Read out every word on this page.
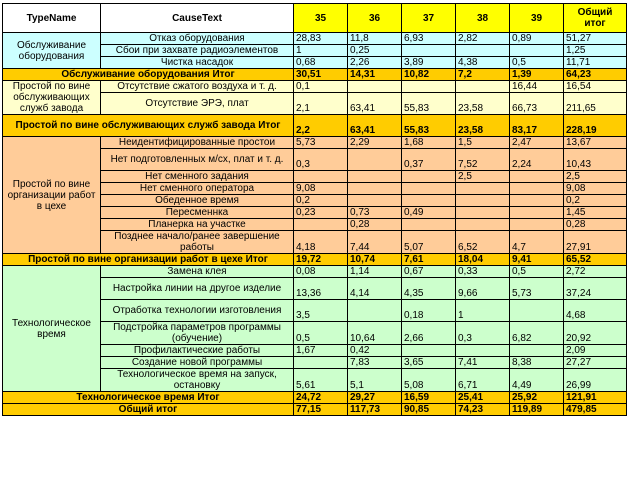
TypeName	CauseText	35	36	37	38	39	Общий итог
Обслуживание оборудования	Отказ оборудования	28,83	11,8	6,93	2,82	0,89	51,27
	Сбои при захвате радиоэлементов	1	0,25				1,25
	Чистка насадок	0,68	2,26	3,89	4,38	0,5	11,71
Обслуживание оборудования Итог		30,51	14,31	10,82	7,2	1,39	64,23
Простой по вине обслуживающих служб завода	Отсутствие сжатого воздуха и т. д.	0,1				16,44	16,54
	Отсутствие ЭРЭ, плат	2,1	63,41	55,83	23,58	66,73	211,65
Простой по вине обслуживающих служб завода Итог		2,2	63,41	55,83	23,58	83,17	228,19
Простой по вине организации работ в цехе	Неидентифицированные простои	5,73	2,29	1,68	1,5	2,47	13,67
	Нет подготовленных м/сх, плат и т. д.	0,3		0,37	7,52	2,24	10,43
	Нет сменного задания				2,5		2,5
	Нет сменного оператора	9,08					9,08
	Обеденное время	0,2					0,2
	Пересменнка	0,23	0,73	0,49			1,45
	Планерка на участке		0,28				0,28
	Позднее начало/ранее завершение работы	4,18	7,44	5,07	6,52	4,7	27,91
Простой по вине организации работ в цехе Итог		19,72	10,74	7,61	18,04	9,41	65,52
Технологическое время	Замена клея	0,08	1,14	0,67	0,33	0,5	2,72
	Настройка линии на другое изделие	13,36	4,14	4,35	9,66	5,73	37,24
	Отработка технологии изготовления	3,5		0,18	1		4,68
	Подстройка параметров программы (обучение)	0,5	10,64	2,66	0,3	6,82	20,92
	Профилактические работы	1,67	0,42				2,09
	Создание новой программы		7,83	3,65	7,41	8,38	27,27
	Технологическое время на запуск, остановку	5,61	5,1	5,08	6,71	4,49	26,99
Технологическое время Итог		24,72	29,27	16,59	25,41	25,92	121,91
Общий итог		77,15	117,73	90,85	74,23	119,89	479,85
